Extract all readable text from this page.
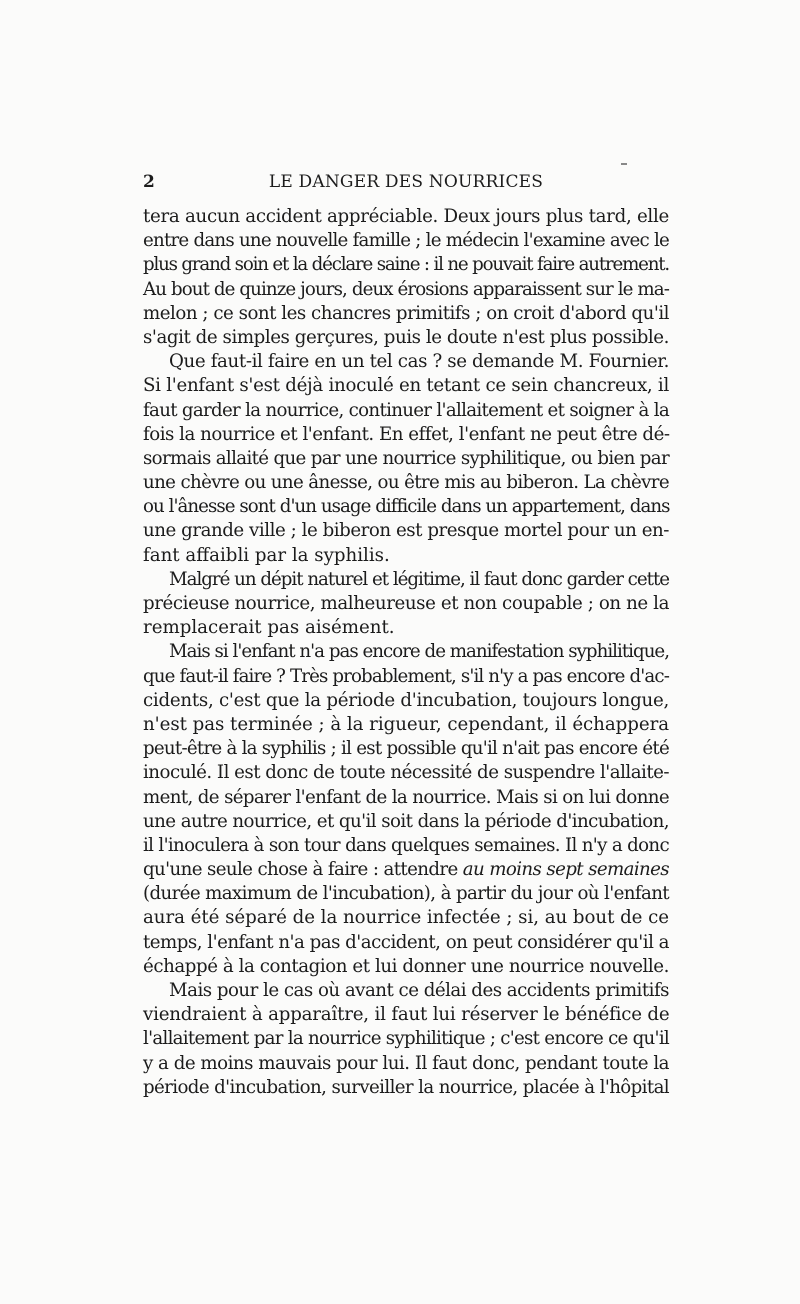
2	LE DANGER DES NOURRICES
tera aucun accident appréciable. Deux jours plus tard, elle
entre dans une nouvelle famille ; le médecin l'examine avec le
plus grand soin et la déclare saine : il ne pouvait faire autrement.
Au bout de quinze jours, deux érosions apparaissent sur le ma-
melon ; ce sont les chancres primitifs ; on croit d'abord qu'il
s'agit de simples gerçures, puis le doute n'est plus possible.
Que faut-il faire en un tel cas ? se demande M. Fournier.
Si l'enfant s'est déjà inoculé en tetant ce sein chancreux, il
faut garder la nourrice, continuer l'allaitement et soigner à la
fois la nourrice et l'enfant. En effet, l'enfant ne peut être dé-
sormais allaité que par une nourrice syphilitique, ou bien par
une chèvre ou une ânesse, ou être mis au biberon. La chèvre
ou l'ânesse sont d'un usage difficile dans un appartement, dans
une grande ville ; le biberon est presque mortel pour un en-
fant affaibli par la syphilis.
Malgré un dépit naturel et légitime, il faut donc garder cette
précieuse nourrice, malheureuse et non coupable ; on ne la
remplacerait pas aisément.
Mais si l'enfant n'a pas encore de manifestation syphilitique,
que faut-il faire ? Très probablement, s'il n'y a pas encore d'ac-
cidents, c'est que la période d'incubation, toujours longue,
n'est pas terminée ; à la rigueur, cependant, il échappera
peut-être à la syphilis ; il est possible qu'il n'ait pas encore été
inoculé. Il est donc de toute nécessité de suspendre l'allaite-
ment, de séparer l'enfant de la nourrice. Mais si on lui donne
une autre nourrice, et qu'il soit dans la période d'incubation,
il l'inoculera à son tour dans quelques semaines. Il n'y a donc
qu'une seule chose à faire : attendre au moins sept semaines
(durée maximum de l'incubation), à partir du jour où l'enfant
aura été séparé de la nourrice infectée ; si, au bout de ce
temps, l'enfant n'a pas d'accident, on peut considérer qu'il a
échappé à la contagion et lui donner une nourrice nouvelle.
Mais pour le cas où avant ce délai des accidents primitifs
viendraient à apparaître, il faut lui réserver le bénéfice de
l'allaitement par la nourrice syphilitique ; c'est encore ce qu'il
y a de moins mauvais pour lui. Il faut donc, pendant toute la
période d'incubation, surveiller la nourrice, placée à l'hôpital
